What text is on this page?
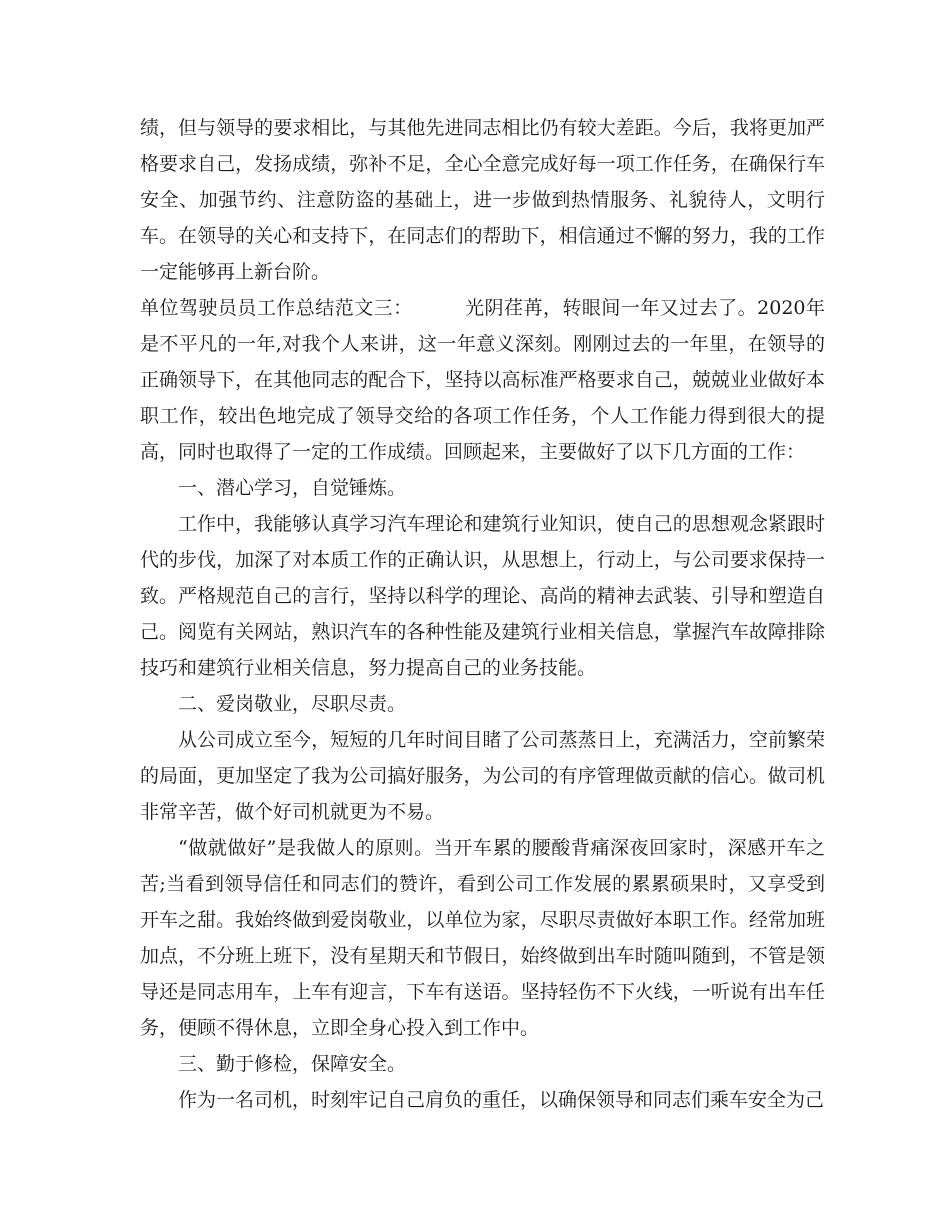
绩，但与领导的要求相比，与其他先进同志相比仍有较大差距。今后，我将更加严格要求自己，发扬成绩，弥补不足，全心全意完成好每一项工作任务，在确保行车安全、加强节约、注意防盗的基础上，进一步做到热情服务、礼貌待人，文明行车。在领导的关心和支持下，在同志们的帮助下，相信通过不懈的努力，我的工作一定能够再上新台阶。

单位驾驶员员工作总结范文三：	光阴荏苒，转眼间一年又过去了。2020年是不平凡的一年,对我个人来讲，这一年意义深刻。刚刚过去的一年里，在领导的正确领导下，在其他同志的配合下，坚持以高标准严格要求自己，兢兢业业做好本职工作，较出色地完成了领导交给的各项工作任务，个人工作能力得到很大的提高，同时也取得了一定的工作成绩。回顾起来，主要做好了以下几方面的工作：

一、潜心学习，自觉锤炼。

工作中，我能够认真学习汽车理论和建筑行业知识，使自己的思想观念紧跟时代的步伐，加深了对本质工作的正确认识，从思想上，行动上，与公司要求保持一致。严格规范自己的言行，坚持以科学的理论、高尚的精神去武装、引导和塑造自己。阅览有关网站，熟识汽车的各种性能及建筑行业相关信息，掌握汽车故障排除技巧和建筑行业相关信息，努力提高自己的业务技能。

二、爱岗敬业，尽职尽责。

从公司成立至今，短短的几年时间目睹了公司蒸蒸日上，充满活力，空前繁荣的局面，更加坚定了我为公司搞好服务，为公司的有序管理做贡献的信心。做司机非常辛苦，做个好司机就更为不易。

“做就做好”是我做人的原则。当开车累的腰酸背痛深夜回家时，深感开车之苦;当看到领导信任和同志们的赞许，看到公司工作发展的累累硕果时，又享受到开车之甜。我始终做到爱岗敬业，以单位为家，尽职尽责做好本职工作。经常加班加点，不分班上班下，没有星期天和节假日，始终做到出车时随叫随到，不管是领导还是同志用车，上车有迎言，下车有送语。坚持轻伤不下火线，一听说有出车任务，便顾不得休息，立即全身心投入到工作中。

三、勤于修检，保障安全。

作为一名司机，时刻牢记自己肩负的重任，以确保领导和同志们乘车安全为己
